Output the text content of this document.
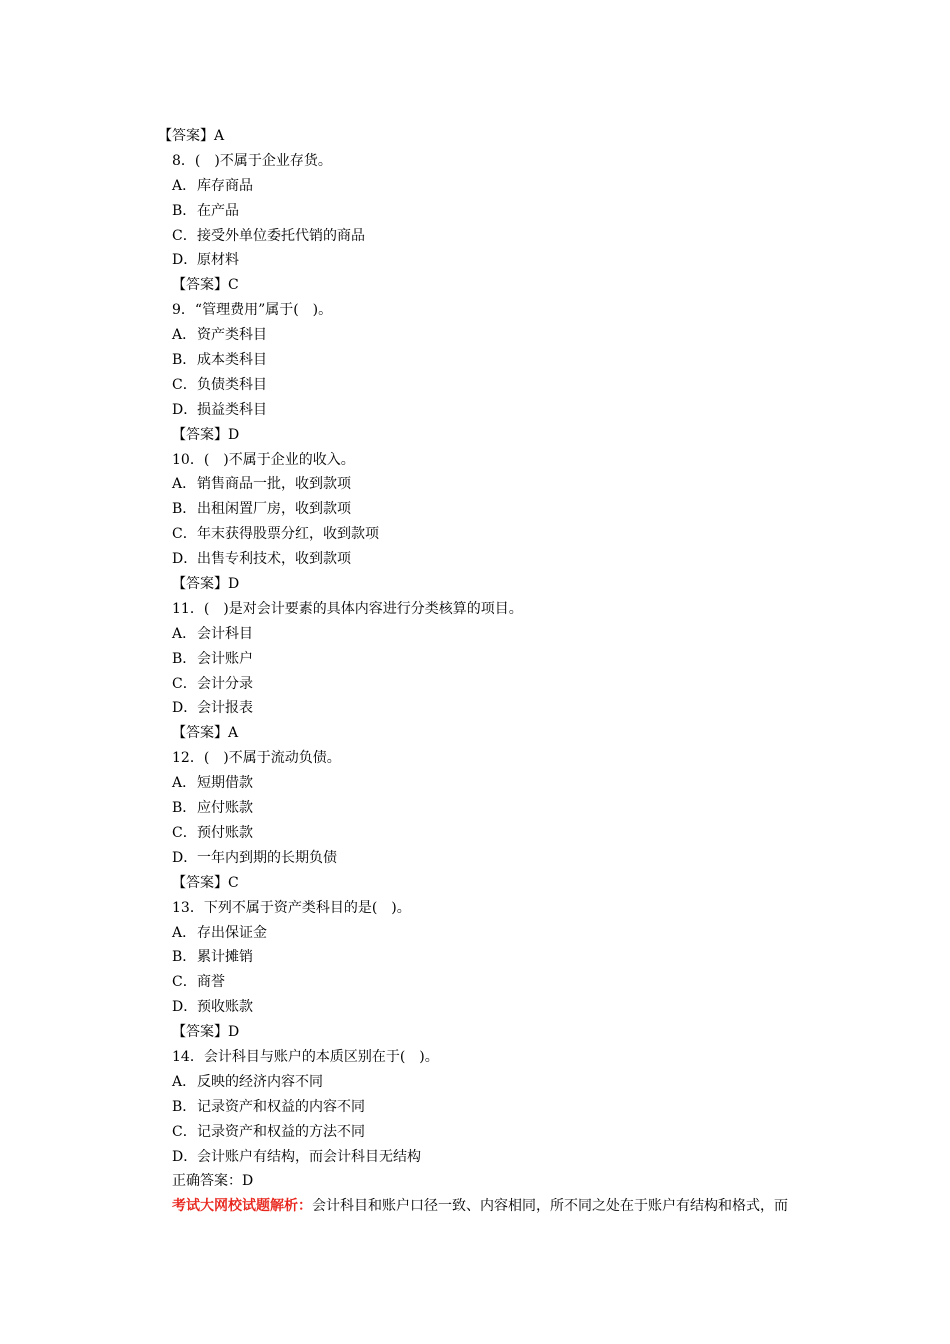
【答案】A
8．(　)不属于企业存货。
A．库存商品
B．在产品
C．接受外单位委托代销的商品
D．原材料
【答案】C
9．“管理费用”属于(　)。
A．资产类科目
B．成本类科目
C．负债类科目
D．损益类科目
【答案】D
10．(　)不属于企业的收入。
A．销售商品一批，收到款项
B．出租闲置厂房，收到款项
C．年末获得股票分红，收到款项
D．出售专利技术，收到款项
【答案】D
11．(　)是对会计要素的具体内容进行分类核算的项目。
A．会计科目
B．会计账户
C．会计分录
D．会计报表
【答案】A
12．(　)不属于流动负债。
A．短期借款
B．应付账款
C．预付账款
D．一年内到期的长期负债
【答案】C
13．下列不属于资产类科目的是(　)。
A．存出保证金
B．累计摊销
C．商誉
D．预收账款
【答案】D
14．会计科目与账户的本质区别在于(　)。
A．反映的经济内容不同
B．记录资产和权益的内容不同
C．记录资产和权益的方法不同
D．会计账户有结构，而会计科目无结构
正确答案：D
考试大网校试题解析：会计科目和账户口径一致、内容相同，所不同之处在于账户有结构和格式，而
